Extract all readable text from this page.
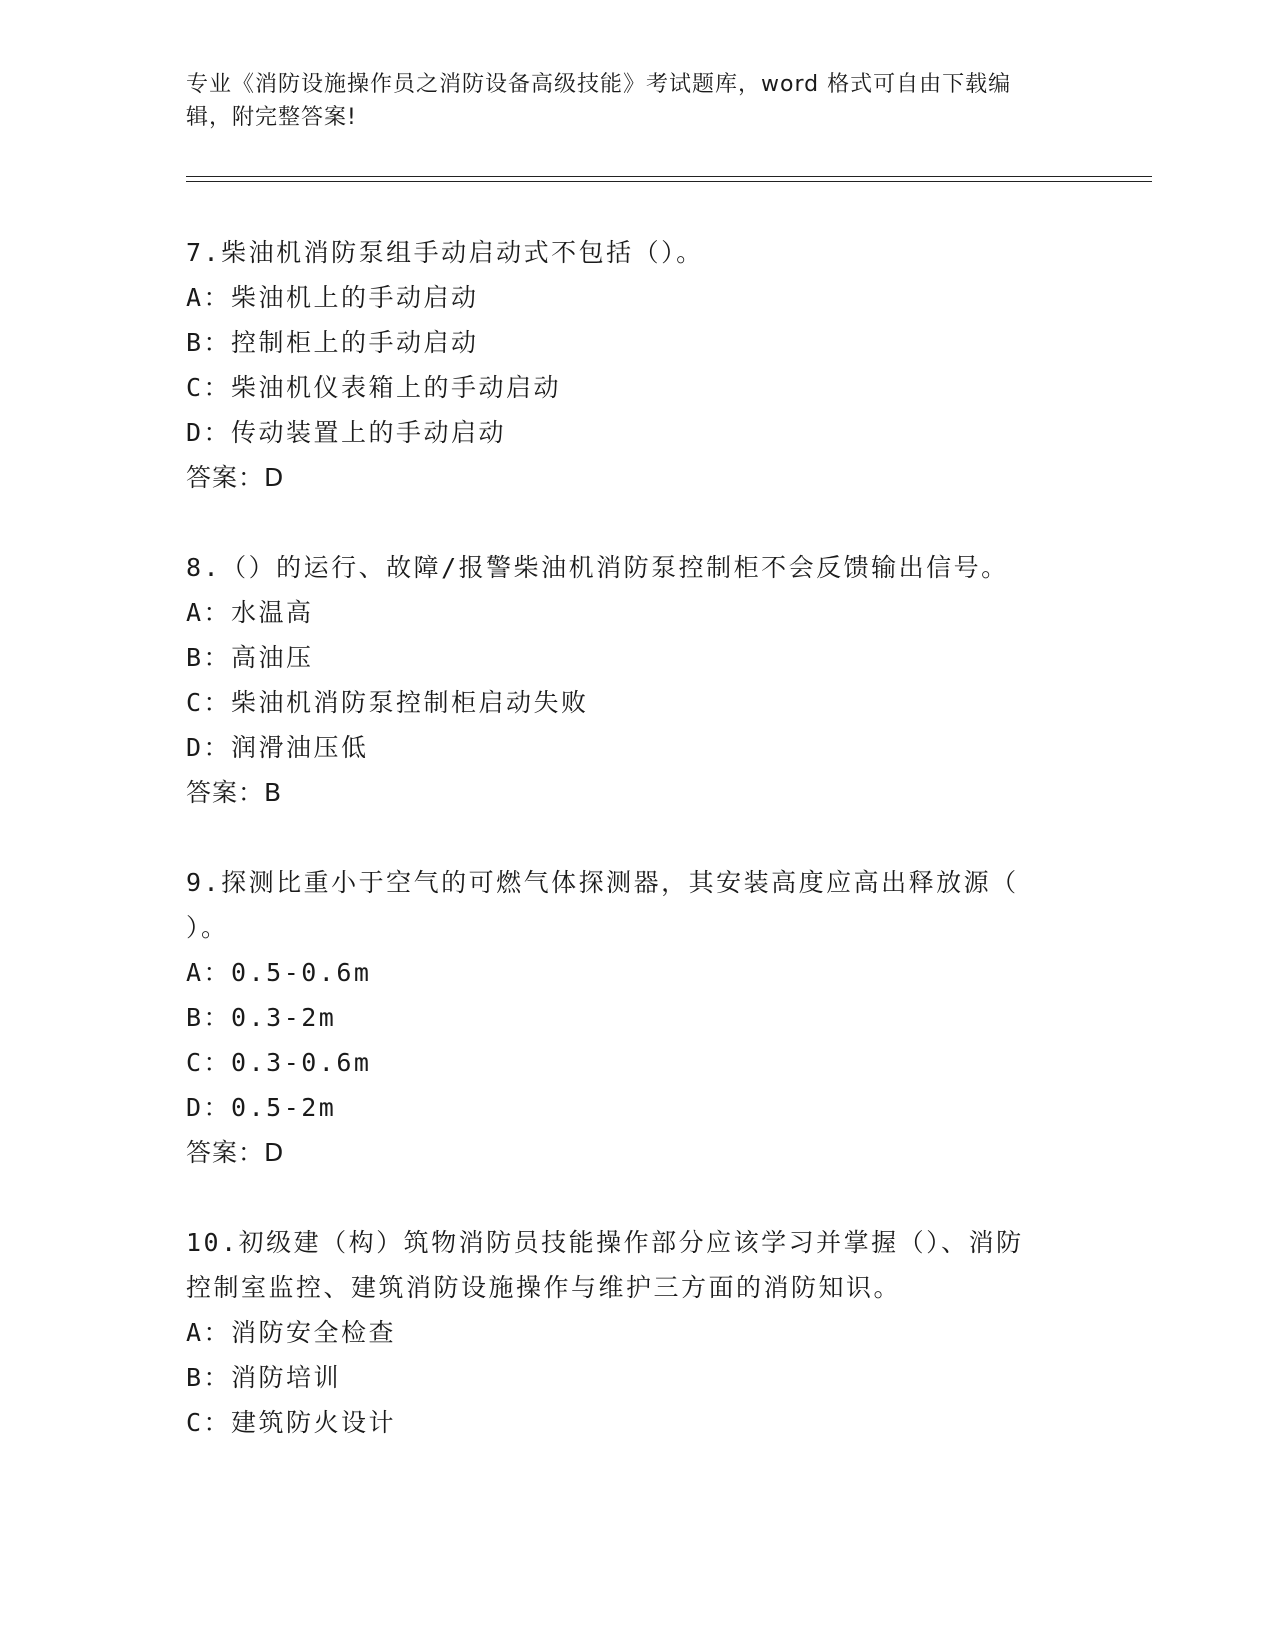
专业《消防设施操作员之消防设备高级技能》考试题库，word 格式可自由下载编
辑，附完整答案!
7.柴油机消防泵组手动启动式不包括（）。
A：柴油机上的手动启动
B：控制柜上的手动启动
C：柴油机仪表箱上的手动启动
D：传动装置上的手动启动
答案：D
8.（）的运行、故障/报警柴油机消防泵控制柜不会反馈输出信号。
A：水温高
B：高油压
C：柴油机消防泵控制柜启动失败
D：润滑油压低
答案：B
9.探测比重小于空气的可燃气体探测器，其安装高度应高出释放源（
）。
A：0.5-0.6m
B：0.3-2m
C：0.3-0.6m
D：0.5-2m
答案：D
10.初级建（构）筑物消防员技能操作部分应该学习并掌握（）、消防
控制室监控、建筑消防设施操作与维护三方面的消防知识。
A：消防安全检查
B：消防培训
C：建筑防火设计
